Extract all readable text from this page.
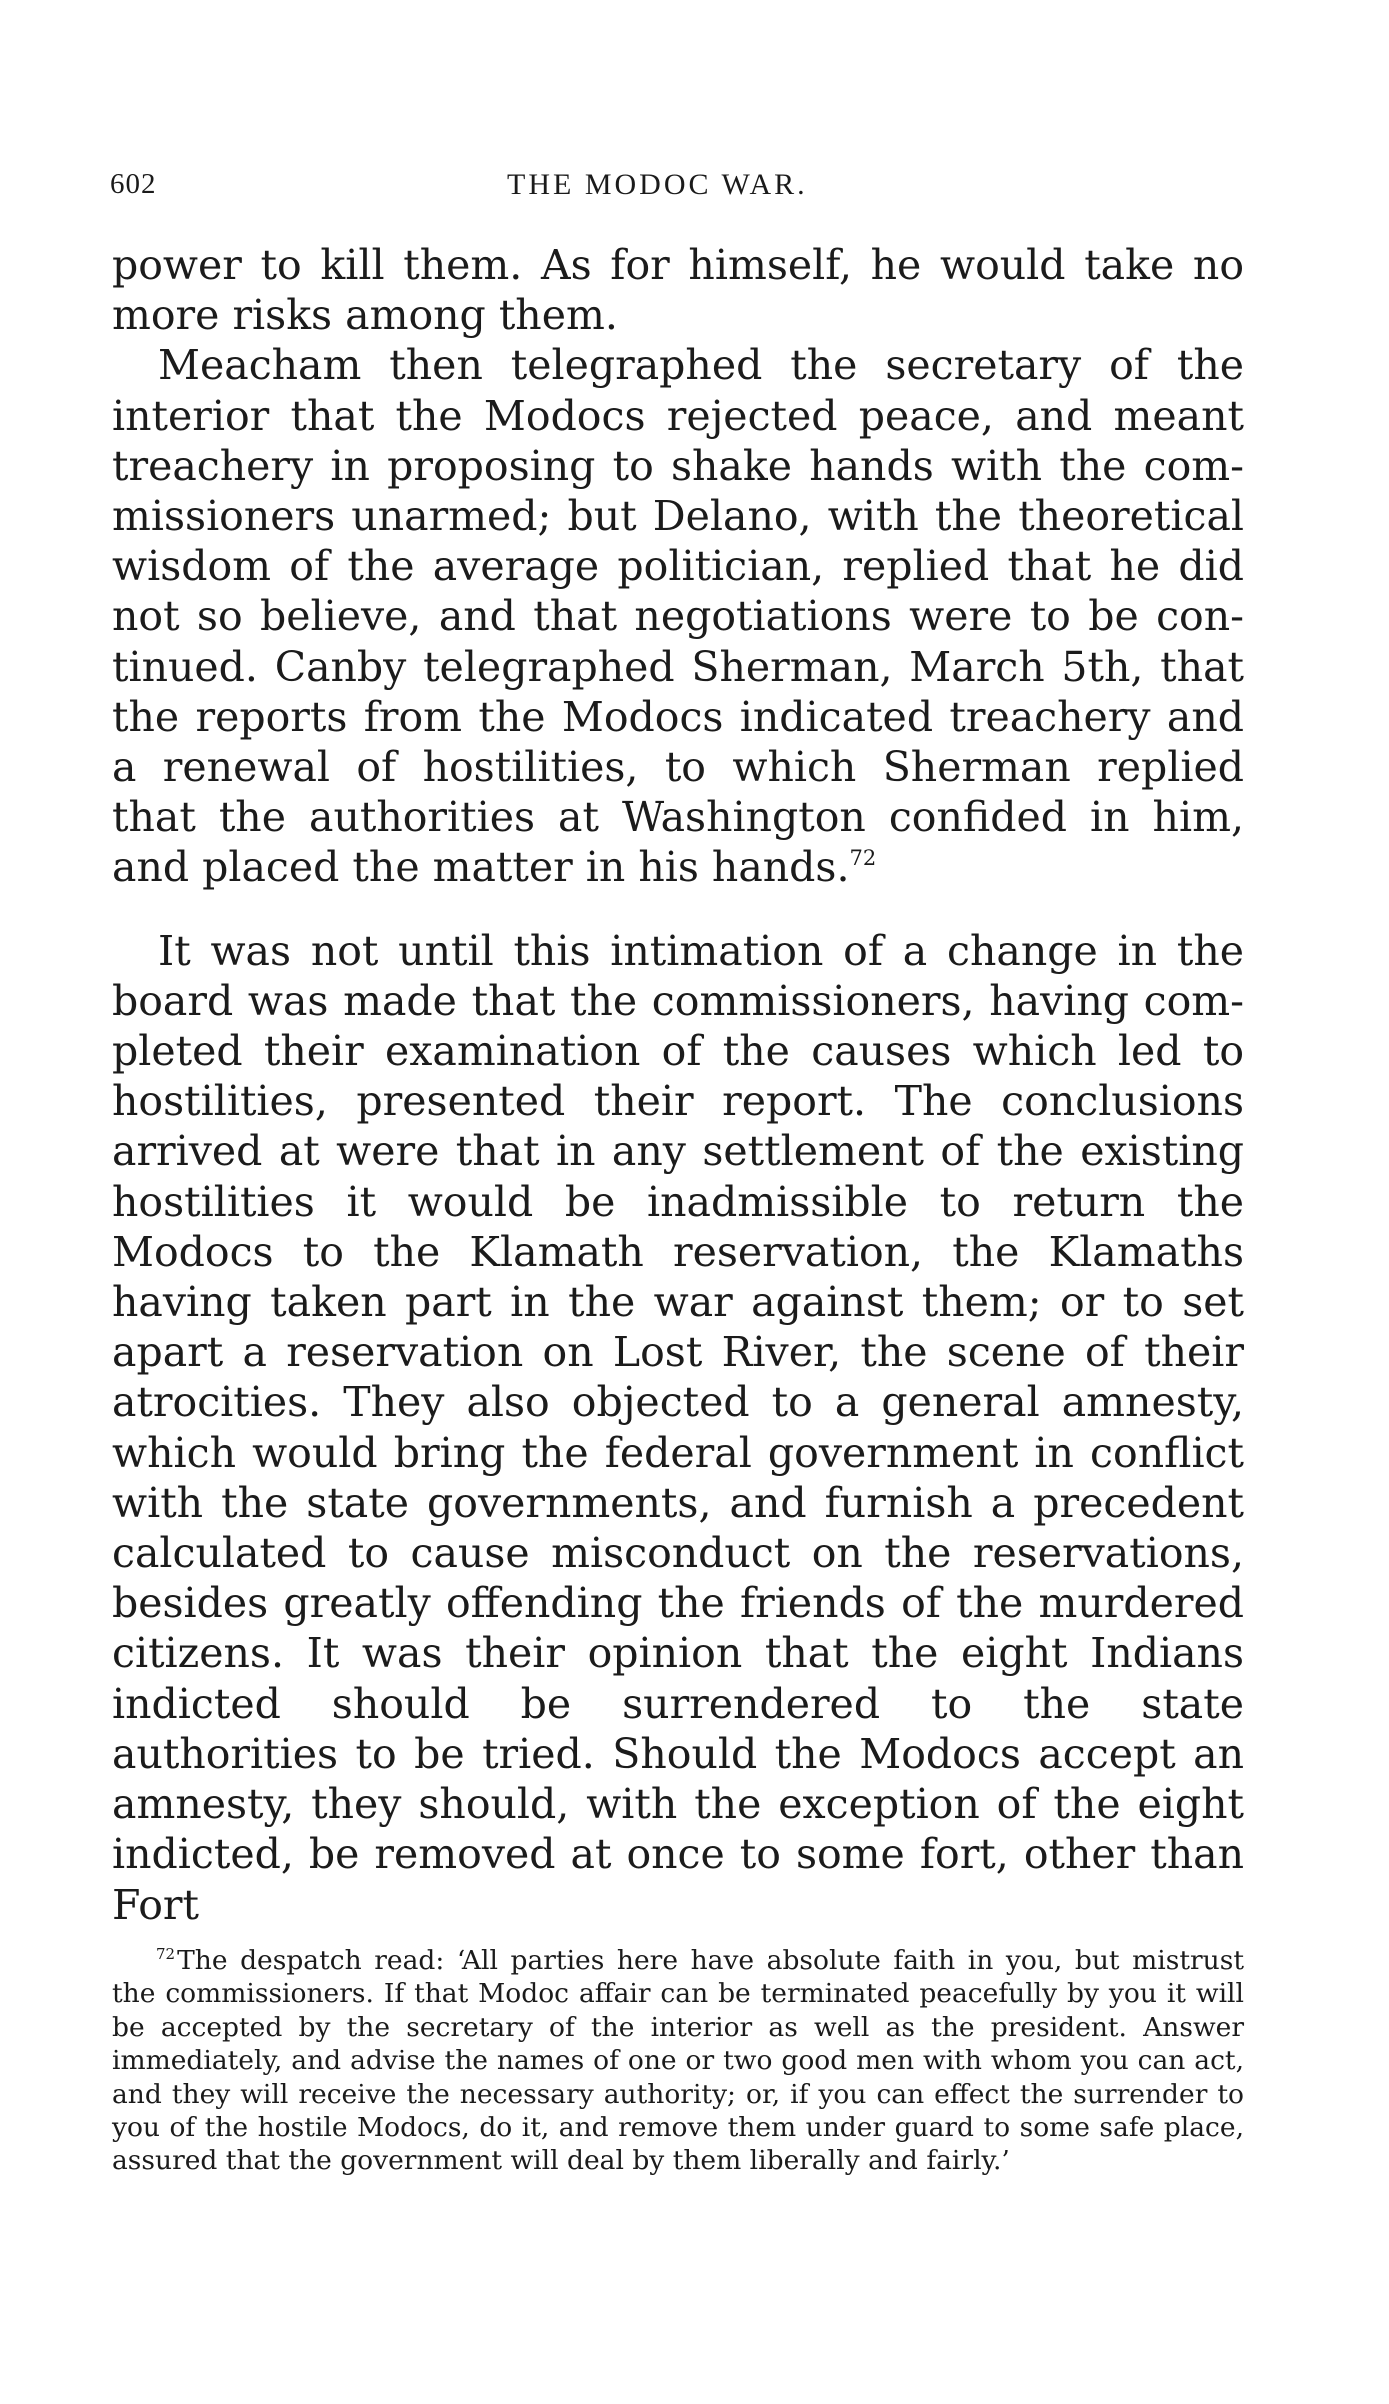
602	THE MODOC WAR.

power to kill them. As for himself, he would take no more risks among them.

Meacham then telegraphed the secretary of the interior that the Modocs rejected peace, and meant treachery in proposing to shake hands with the commissioners unarmed; but Delano, with the theoretical wisdom of the average politician, replied that he did not so believe, and that negotiations were to be continued. Canby telegraphed Sherman, March 5th, that the reports from the Modocs indicated treachery and a renewal of hostilities, to which Sherman replied that the authorities at Washington confided in him, and placed the matter in his hands.$^{72}$

It was not until this intimation of a change in the board was made that the commissioners, having completed their examination of the causes which led to hostilities, presented their report. The conclusions arrived at were that in any settlement of the existing hostilities it would be inadmissible to return the Modocs to the Klamath reservation, the Klamaths having taken part in the war against them; or to set apart a reservation on Lost River, the scene of their atrocities. They also objected to a general amnesty, which would bring the federal government in conflict with the state governments, and furnish a precedent calculated to cause misconduct on the reservations, besides greatly offending the friends of the murdered citizens. It was their opinion that the eight Indians indicted should be surrendered to the state authorities to be tried. Should the Modocs accept an amnesty, they should, with the exception of the eight indicted, be removed at once to some fort, other than Fort

$^{72}$The despatch read: ‘All parties here have absolute faith in you, but mistrust the commissioners. If that Modoc affair can be terminated peacefully by you it will be accepted by the secretary of the interior as well as the president. Answer immediately, and advise the names of one or two good men with whom you can act, and they will receive the necessary authority; or, if you can effect the surrender to you of the hostile Modocs, do it, and remove them under guard to some safe place, assured that the government will deal by them liberally and fairly.’
